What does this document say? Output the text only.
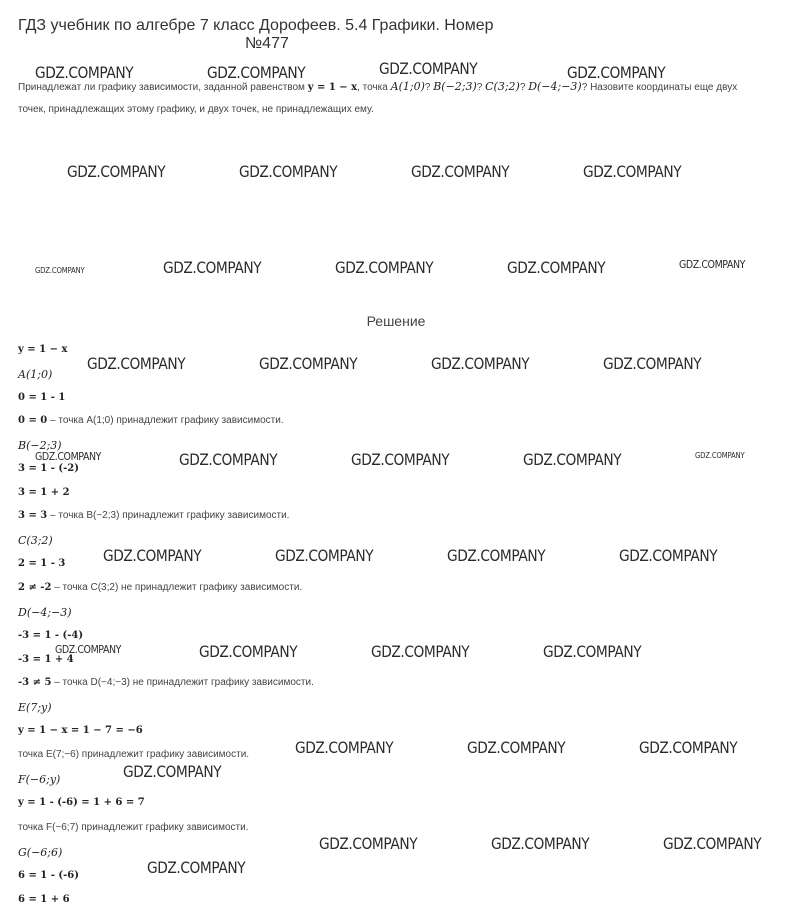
ГДЗ учебник по алгебре 7 класс Дорофеев. 5.4 Графики. Номер
№477
Принадлежат ли графику зависимости, заданной равенством y = 1 − x, точка A(1;0)? B(−2;3)? C(3;2)? D(−4;−3)? Назовите координаты еще двух
точек, принадлежащих этому графику, и двух точек, не принадлежащих ему.
Решение
y = 1 − x
A(1;0)
0 = 1 - 1
0 = 0 – точка A(1;0) принадлежит графику зависимости.
B(−2;3)
3 = 1 - (-2)
3 = 1 + 2
3 = 3 – точка B(−2;3) принадлежит графику зависимости.
C(3;2)
2 = 1 - 3
2 ≠ -2 – точка C(3;2) не принадлежит графику зависимости.
D(−4;−3)
-3 = 1 - (-4)
-3 = 1 + 4
-3 ≠ 5 – точка D(−4;−3) не принадлежит графику зависимости.
E(7;y)
y = 1 − x = 1 − 7 = −6
точка E(7;−6) принадлежит графику зависимости.
F(−6;y)
y = 1 - (-6) = 1 + 6 = 7
точка F(−6;7) принадлежит графику зависимости.
G(−6;6)
6 = 1 - (-6)
6 = 1 + 6
GDZ.COMPANY	GDZ.COMPANY	GDZ.COMPANY	GDZ.COMPANY
GDZ.COMPANY	GDZ.COMPANY	GDZ.COMPANY	GDZ.COMPANY
GDZ.COMPANY	GDZ.COMPANY	GDZ.COMPANY	GDZ.COMPANY	GDZ.COMPANY
GDZ.COMPANY	GDZ.COMPANY	GDZ.COMPANY	GDZ.COMPANY
GDZ.COMPANY	GDZ.COMPANY	GDZ.COMPANY	GDZ.COMPANY	GDZ.COMPANY
GDZ.COMPANY	GDZ.COMPANY	GDZ.COMPANY	GDZ.COMPANY
GDZ.COMPANY	GDZ.COMPANY	GDZ.COMPANY	GDZ.COMPANY
GDZ.COMPANY	GDZ.COMPANY	GDZ.COMPANY
GDZ.COMPANY
GDZ.COMPANY	GDZ.COMPANY	GDZ.COMPANY
GDZ.COMPANY
